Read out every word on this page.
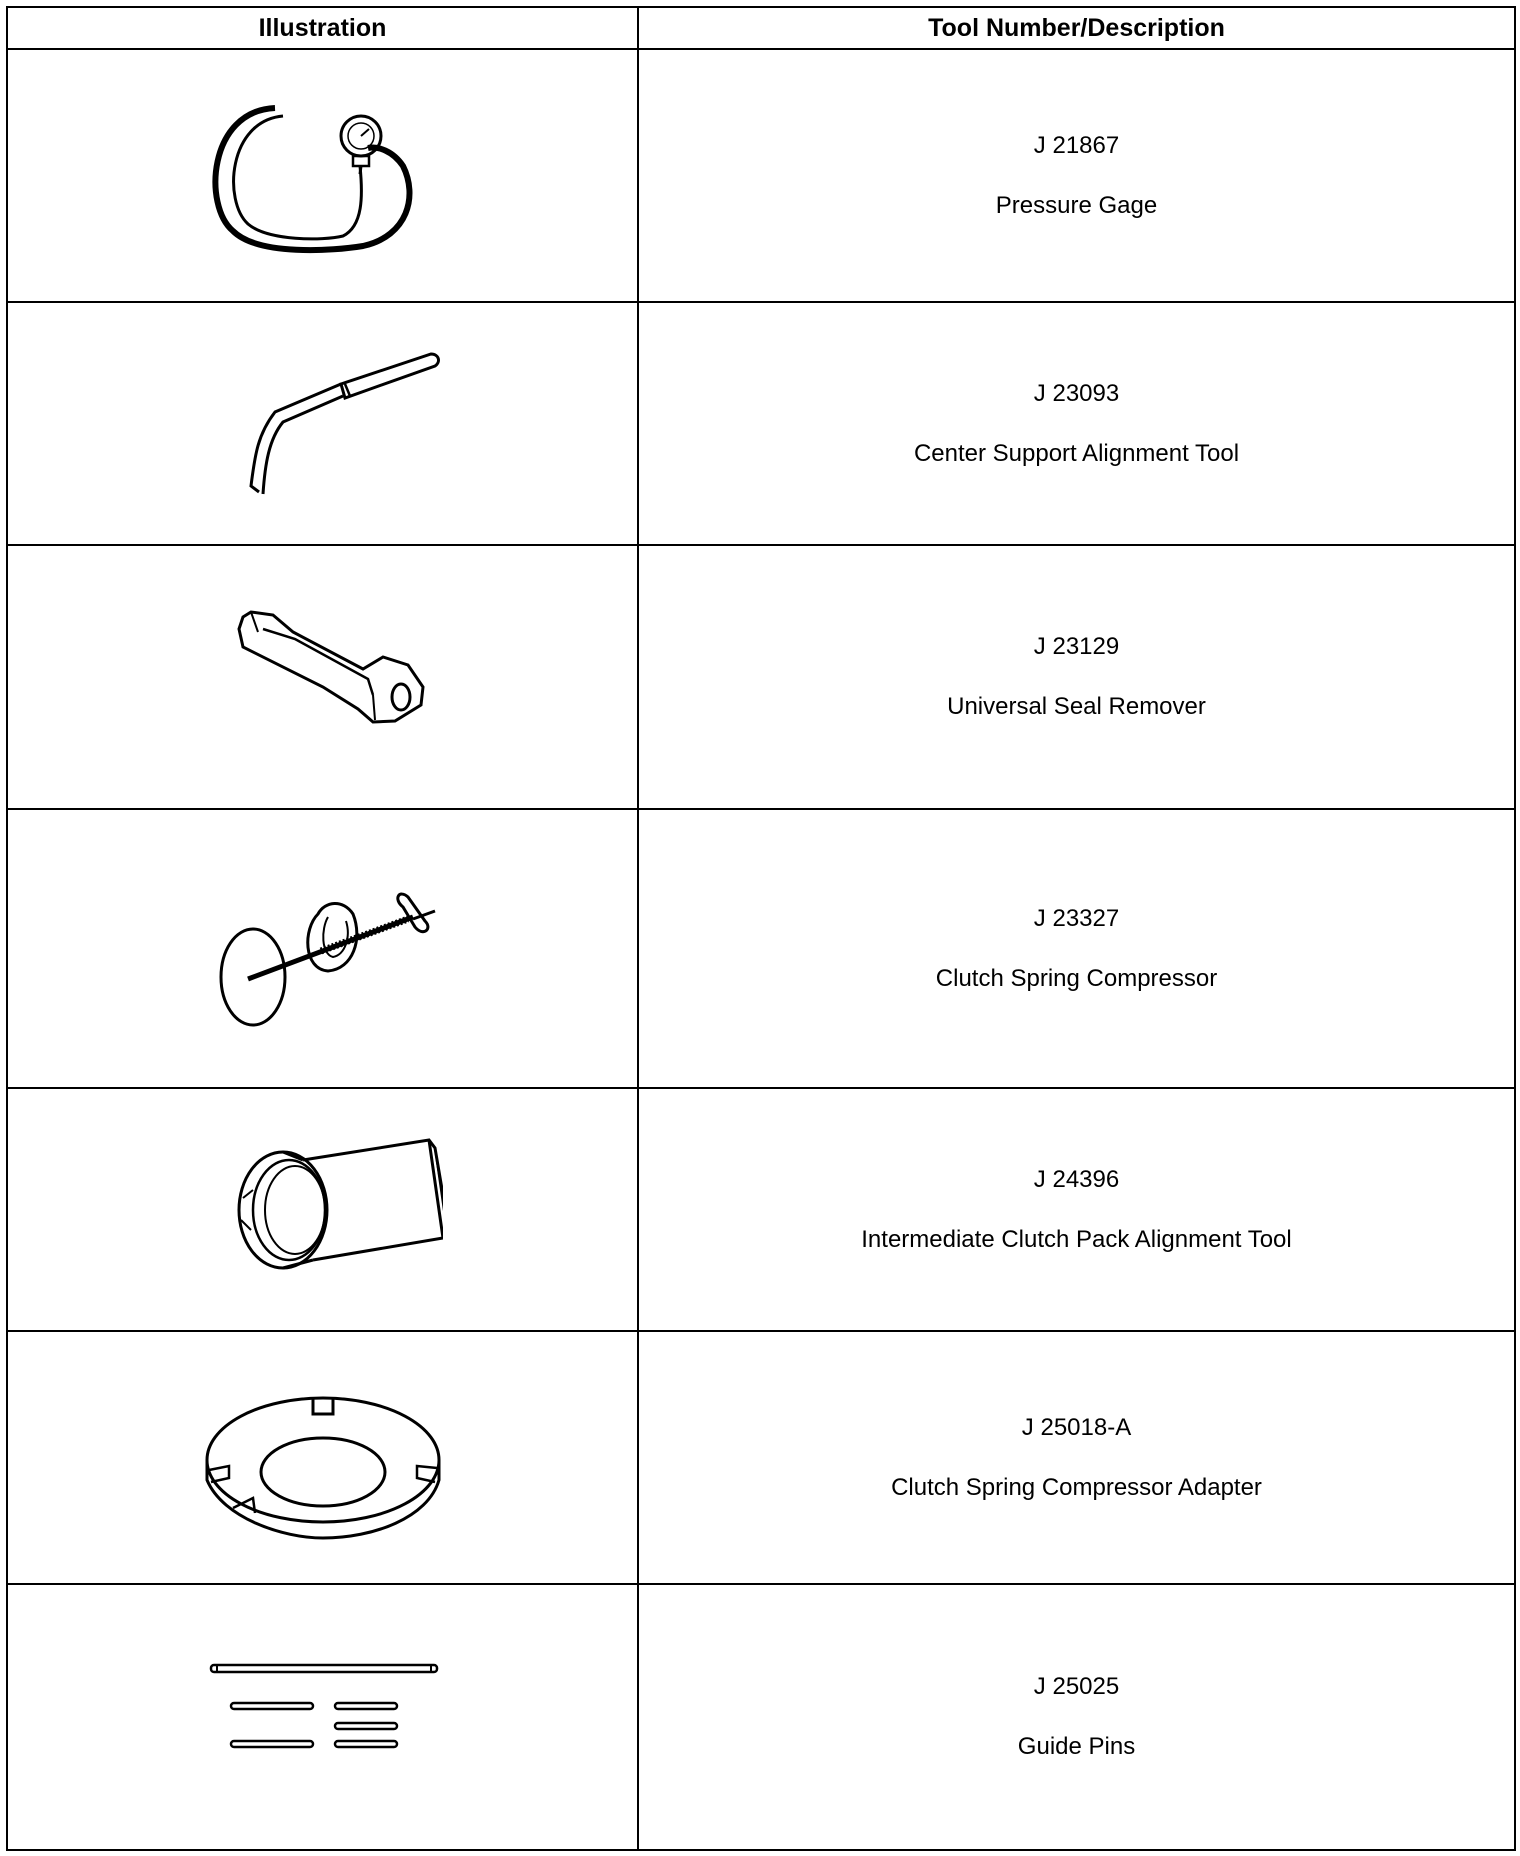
Illustration	Tool Number/Description

J 21867
Pressure Gage

J 23093
Center Support Alignment Tool

J 23129
Universal Seal Remover

J 23327
Clutch Spring Compressor

J 24396
Intermediate Clutch Pack Alignment Tool

J 25018-A
Clutch Spring Compressor Adapter

J 25025
Guide Pins
